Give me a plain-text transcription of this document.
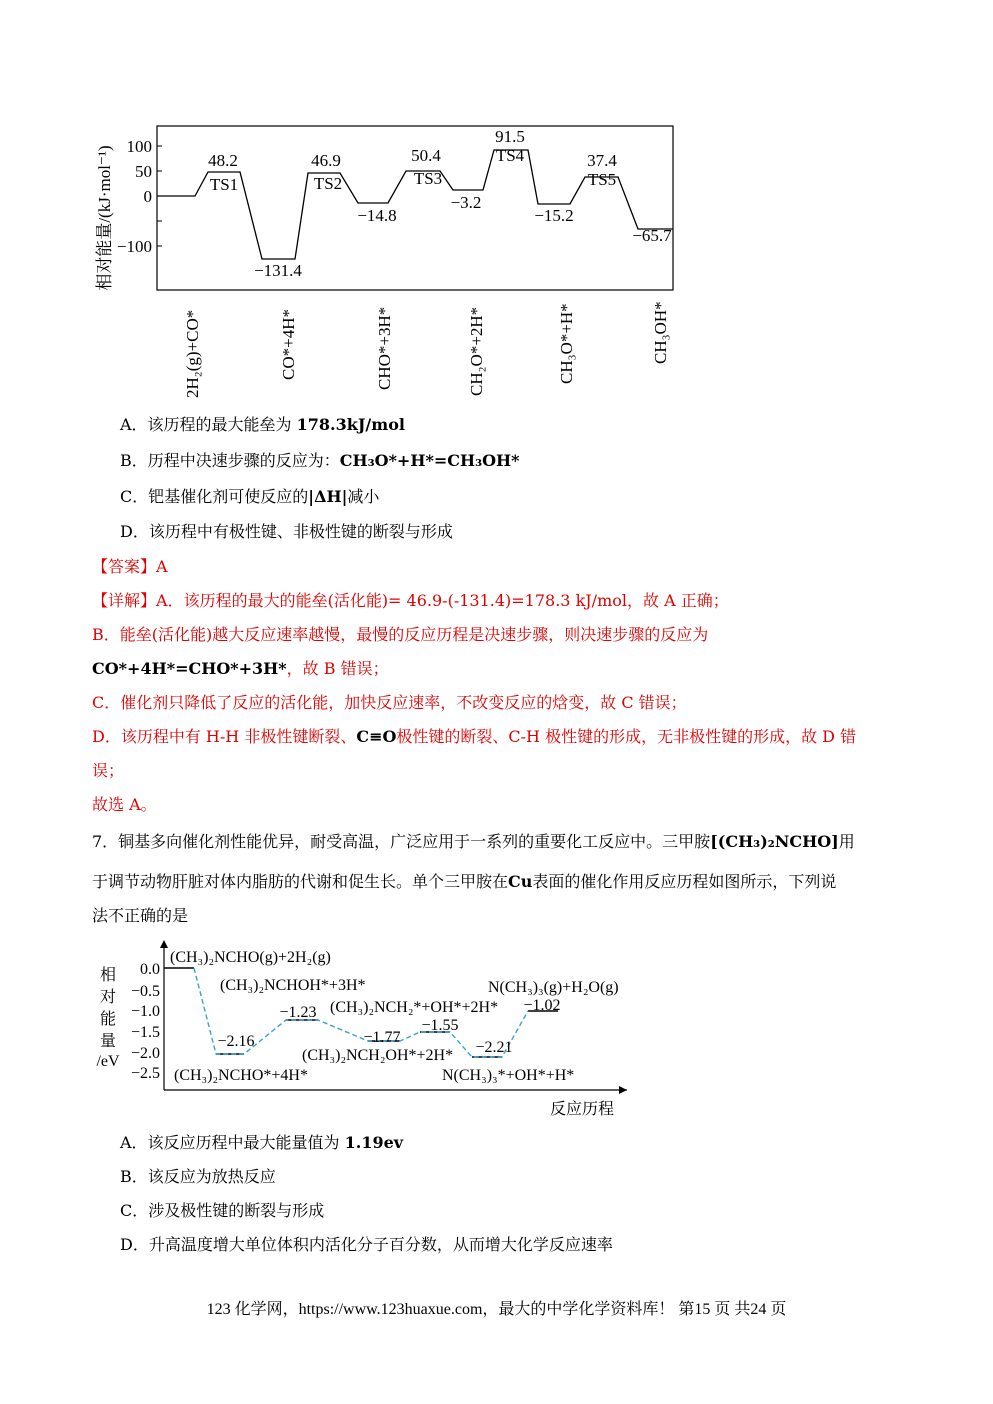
相对能量/(kJ·mol⁻¹) 100
50
0
−100
48.2
TS1
−131.4
46.9
TS2
−14.8
50.4
TS3
−3.2
91.5
TS4
−15.2
37.4
TS5
−65.7
2H₂(g)+CO*	CO*+4H*	CHO*+3H*	CH₂O*+2H*	CH₃O*+H*	CH₃OH*
A．该历程的最大能垒为 178.3kJ/mol
B．历程中决速步骤的反应为：CH₃O*+H*=CH₃OH*
C．钯基催化剂可使反应的|ΔH|减小
D．该历程中有极性键、非极性键的断裂与形成
【答案】A
【详解】A．该历程的最大的能垒(活化能)= 46.9-(-131.4)=178.3 kJ/mol，故 A 正确；
B．能垒(活化能)越大反应速率越慢，最慢的反应历程是决速步骤，则决速步骤的反应为
CO*+4H*=CHO*+3H*，故 B 错误；
C．催化剂只降低了反应的活化能，加快反应速率，不改变反应的焓变，故 C 错误；
D．该历程中有 H-H 非极性键断裂、C≡O极性键的断裂、C-H 极性键的形成，无非极性键的形成，故 D 错
误；
故选 A。
7．铜基多向催化剂性能优异，耐受高温，广泛应用于一系列的重要化工反应中。三甲胺[(CH₃)₂NCHO]用
于调节动物肝脏对体内脂肪的代谢和促生长。单个三甲胺在Cu表面的催化作用反应历程如图所示，下列说
法不正确的是
相
对
能
量
/eV
0.0
−0.5
−1.0
−1.5
−2.0
−2.5
−2.16
−1.23
−1.77
−1.55
−2.21
−1.02
(CH₃)₂NCHO(g)+2H₂(g)
(CH₃)₂NCHOH*+3H*
(CH₃)₂NCH₂*+OH*+2H*
N(CH₃)₃(g)+H₂O(g)
(CH₃)₂NCH₂OH*+2H*
(CH₃)₂NCHO*+4H*	N(CH₃)₃*+OH*+H*
反应历程
A．该反应历程中最大能量值为 1.19ev
B．该反应为放热反应
C．涉及极性键的断裂与形成
D．升高温度增大单位体积内活化分子百分数，从而增大化学反应速率
123 化学网，https://www.123huaxue.com，最大的中学化学资料库！ 第15 页 共24 页
